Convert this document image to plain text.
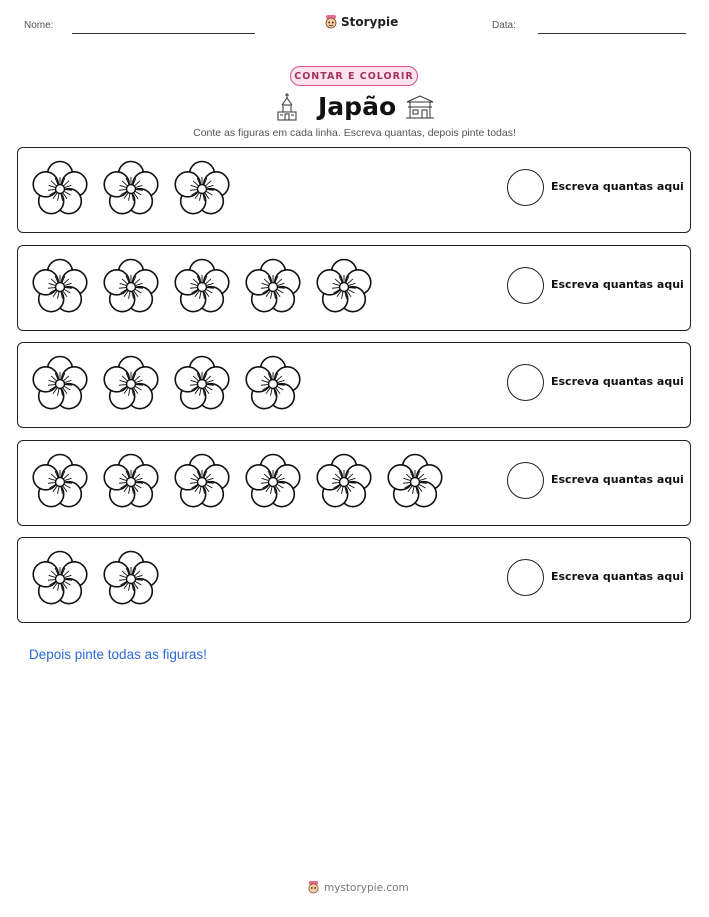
Nome:	Storypie	Data:
CONTAR E COLORIR
Japão
Conte as figuras em cada linha. Escreva quantas, depois pinte todas!
Escreva quantas aqui
Escreva quantas aqui
Escreva quantas aqui
Escreva quantas aqui
Escreva quantas aqui
Depois pinte todas as figuras!
mystorypie.com
